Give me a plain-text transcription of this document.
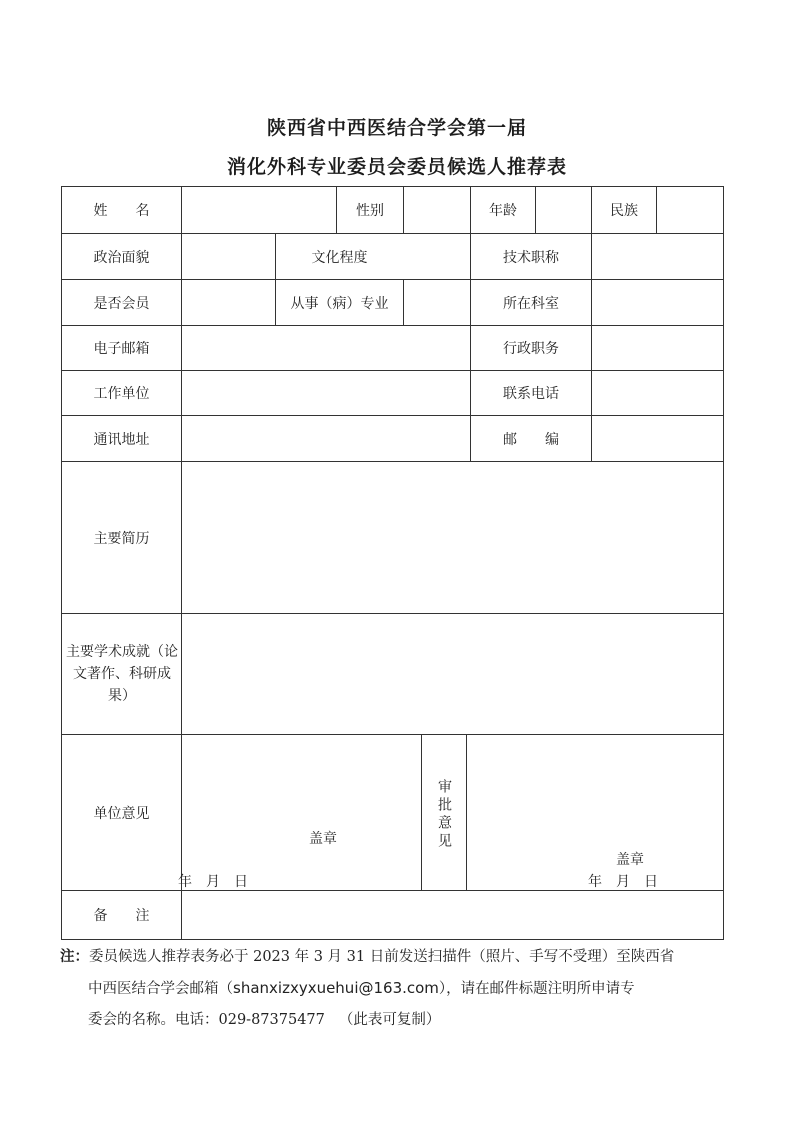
陕西省中西医结合学会第一届
消化外科专业委员会委员候选人推荐表
姓　　名	性别	年龄	民族
政治面貌	文化程度	技术职称
是否会员	从事（病）专业	所在科室
电子邮箱	行政职务
工作单位	联系电话
通讯地址	邮　　编
主要简历
主要学术成就（论文著作、科研成果）
单位意见
盖章
年　月　日
审批意见
盖章
年　月　日
备　　注
注：委员候选人推荐表务必于 2023 年 3 月 31 日前发送扫描件（照片、手写不受理）至陕西省
中西医结合学会邮箱（shanxizxyxuehui@163.com），请在邮件标题注明所申请专
委会的名称。电话：029-87375477 （此表可复制）
